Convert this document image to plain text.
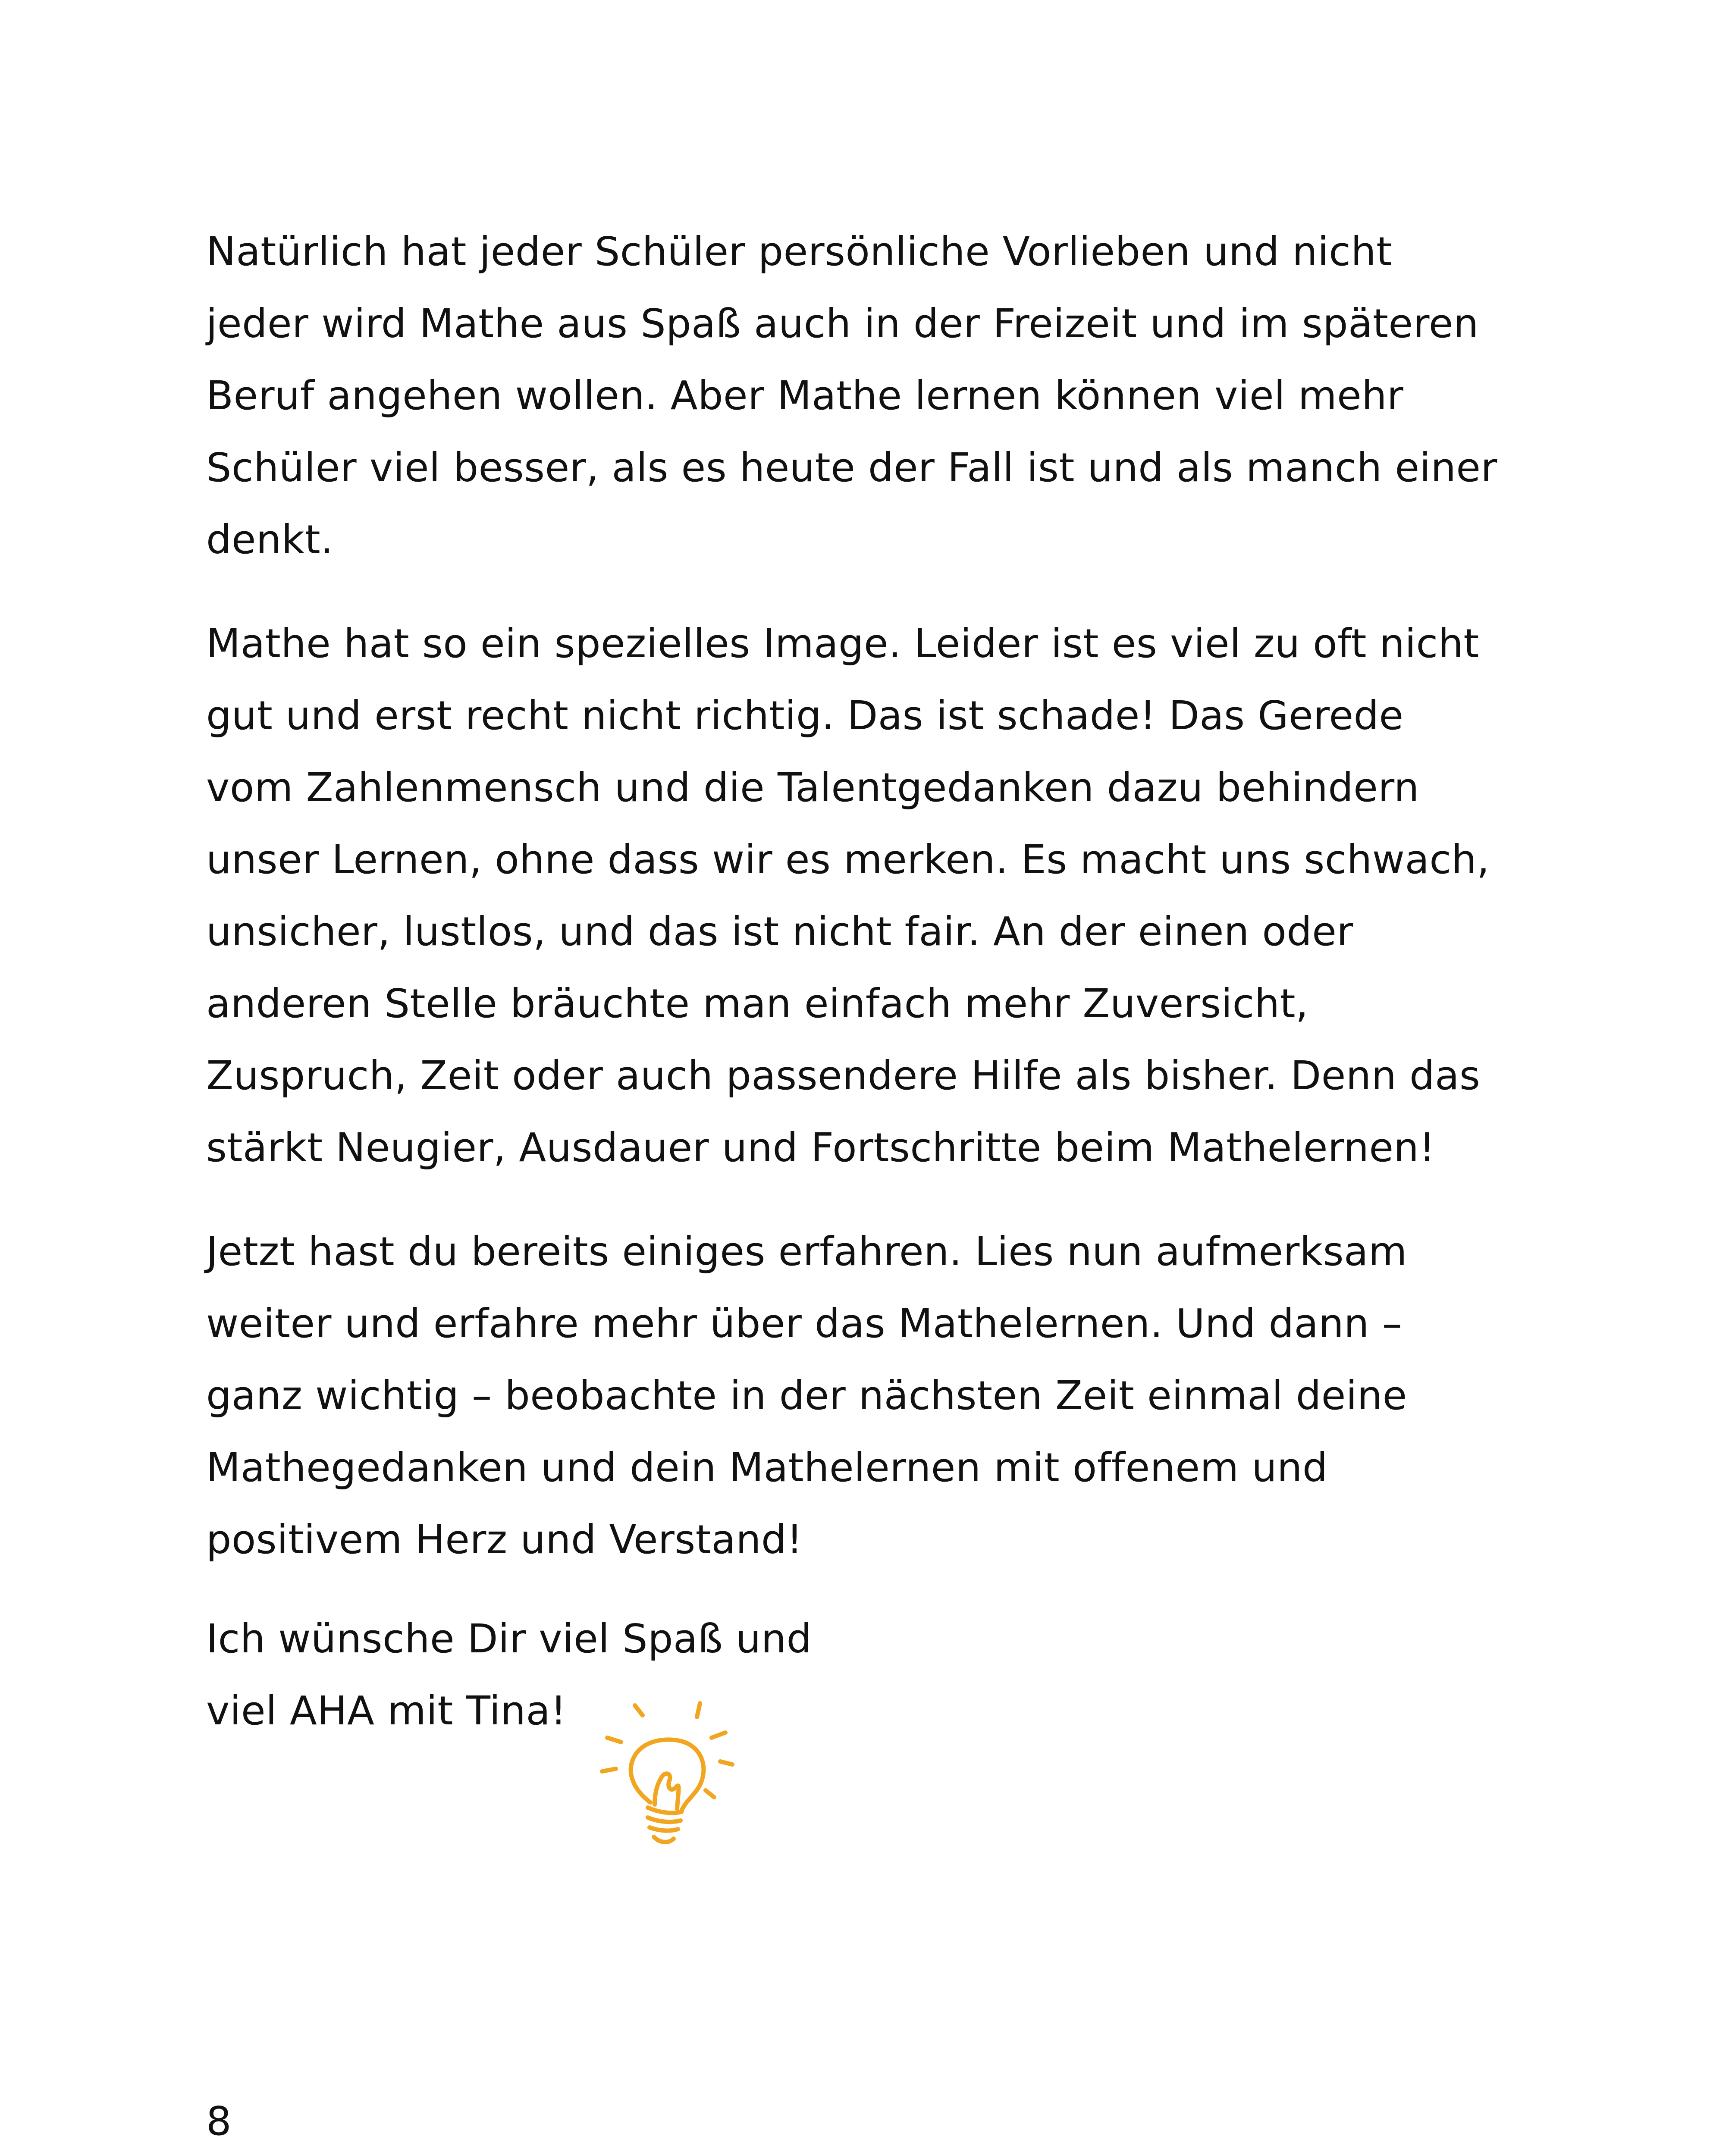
Natürlich hat jeder Schüler persönliche Vorlieben und nicht
jeder wird Mathe aus Spaß auch in der Freizeit und im späteren
Beruf angehen wollen. Aber Mathe lernen können viel mehr
Schüler viel besser, als es heute der Fall ist und als manch einer
denkt.

Mathe hat so ein spezielles Image. Leider ist es viel zu oft nicht
gut und erst recht nicht richtig. Das ist schade! Das Gerede
vom Zahlenmensch und die Talentgedanken dazu behindern
unser Lernen, ohne dass wir es merken. Es macht uns schwach,
unsicher, lustlos, und das ist nicht fair. An der einen oder
anderen Stelle bräuchte man einfach mehr Zuversicht,
Zuspruch, Zeit oder auch passendere Hilfe als bisher. Denn das
stärkt Neugier, Ausdauer und Fortschritte beim Mathelernen!

Jetzt hast du bereits einiges erfahren. Lies nun aufmerksam
weiter und erfahre mehr über das Mathelernen. Und dann –
ganz wichtig – beobachte in der nächsten Zeit einmal deine
Mathegedanken und dein Mathelernen mit offenem und
positivem Herz und Verstand!

Ich wünsche Dir viel Spaß und
viel AHA mit Tina!

8
